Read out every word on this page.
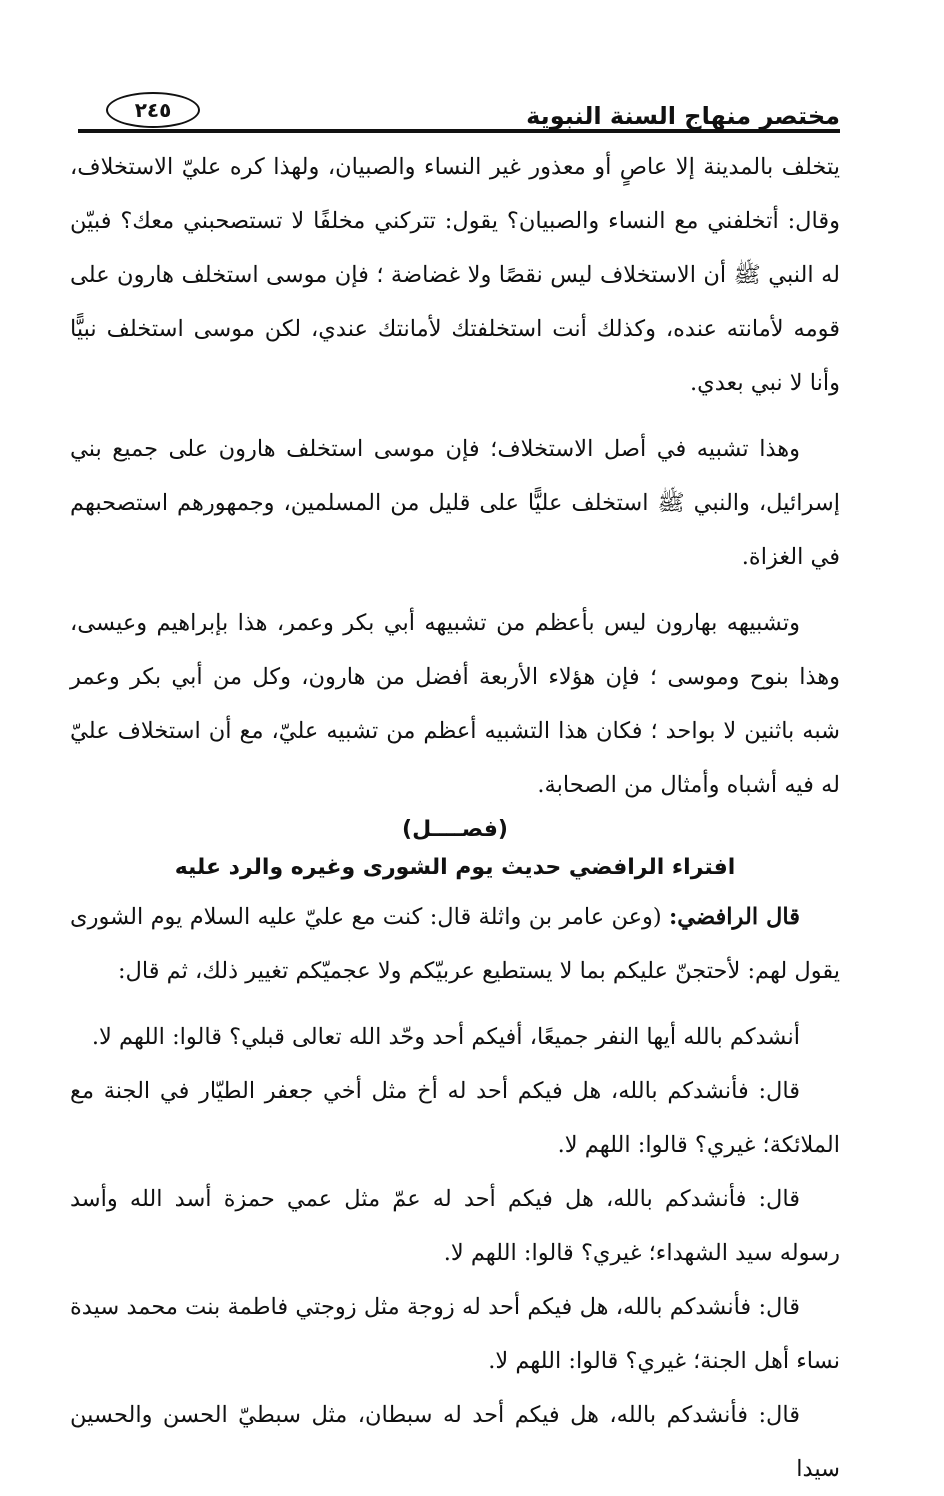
مختصر منهاج السنة النبوية
٢٤٥

يتخلف بالمدينة إلا عاصٍ أو معذور غير النساء والصبيان، ولهذا كره عليّ الاستخلاف، وقال: أتخلفني مع النساء والصبيان؟ يقول: تتركني مخلفًا لا تستصحبني معك؟ فبيّن له النبي ﷺ أن الاستخلاف ليس نقصًا ولا غضاضة ؛ فإن موسى استخلف هارون على قومه لأمانته عنده، وكذلك أنت استخلفتك لأمانتك عندي، لكن موسى استخلف نبيًّا وأنا لا نبي بعدي.

وهذا تشبيه في أصل الاستخلاف؛ فإن موسى استخلف هارون على جميع بني إسرائيل، والنبي ﷺ استخلف عليًّا على قليل من المسلمين، وجمهورهم استصحبهم في الغزاة.

وتشبيهه بهارون ليس بأعظم من تشبيهه أبي بكر وعمر، هذا بإبراهيم وعيسى، وهذا بنوح وموسى ؛ فإن هؤلاء الأربعة أفضل من هارون، وكل من أبي بكر وعمر شبه باثنين لا بواحد ؛ فكان هذا التشبيه أعظم من تشبيه عليّ، مع أن استخلاف عليّ له فيه أشباه وأمثال من الصحابة.

(فصــــل)
افتراء الرافضي حديث يوم الشورى وغيره والرد عليه

قال الرافضي: (وعن عامر بن واثلة قال: كنت مع عليّ عليه السلام يوم الشورى يقول لهم: لأحتجنّ عليكم بما لا يستطيع عربيّكم ولا عجميّكم تغيير ذلك، ثم قال:

أنشدكم بالله أيها النفر جميعًا، أفيكم أحد وحّد الله تعالى قبلي؟ قالوا: اللهم لا.

قال: فأنشدكم بالله، هل فيكم أحد له أخ مثل أخي جعفر الطيّار في الجنة مع الملائكة؛ غيري؟ قالوا: اللهم لا.

قال: فأنشدكم بالله، هل فيكم أحد له عمّ مثل عمي حمزة أسد الله وأسد رسوله سيد الشهداء؛ غيري؟ قالوا: اللهم لا.

قال: فأنشدكم بالله، هل فيكم أحد له زوجة مثل زوجتي فاطمة بنت محمد سيدة نساء أهل الجنة؛ غيري؟ قالوا: اللهم لا.

قال: فأنشدكم بالله، هل فيكم أحد له سبطان، مثل سبطيّ الحسن والحسين سيدا
